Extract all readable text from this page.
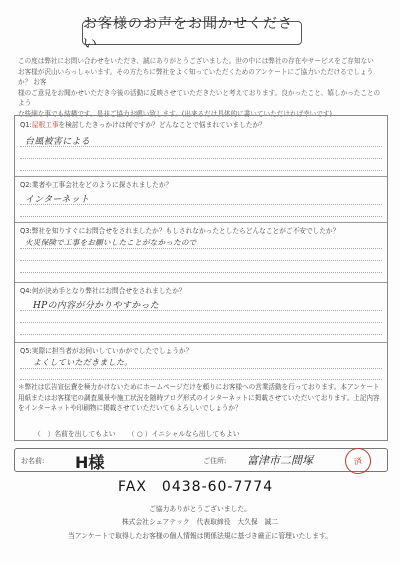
お客様のお声をお聞かせください
この度は弊社にお問い合わせをいただき、誠にありがとうございました。世の中には弊社の存在やサービスをご存知ない
お客様が沢山いらっしゃいます。その方たちに弊社をよく知っていただくためのアンケートにご協力いただけるでしょうか？ お客
様のご意見をお聞かせいただき今後の活動に反映させていただきたいと考えております。良かったこと、嬉しかったことのよう
な些細な事でも結構です。是非ご協力お願い致します。(出来るだけ具体的に書いていただければ幸いです)
Q1:屋根工事を検討したきっかけは何ですか？どんなことで悩まれていましたか？
台風被害による
Q2:業者や工事会社をどのように探されましたか？
インターネット
Q3:弊社を知りすぐにお問合せをされましたか？もしされなかったとしたらどんなことがご不安でしたか？
火災保険で工事をお願いしたことがなかったので
Q4:何が決め手となり弊社にお問合せをされましたか？
HPの内容が分かりやすかった
Q5:実際に担当者がお伺いしていかがでしたでしょうか？
よくしていただきました。
＊弊社は広告宣伝費を極力かけないためにホームページだけを頼りにお客様への営業活動を行っております。本アンケート
用紙またはお客様宅の調査風景や施工状況を随時ブログ形式のインターネットに掲載させていただいております。上記内容
をインターネットや印刷物に掲載させていただいてもよろしいでしょうか？
（　）名前を出してもよい （ ○ ）イニシャルなら出してもよい
お名前: H様	ご住所: 富津市二間塚	済
FAX　0438-60-7774
ご協力ありがとうございました。
株式会社シェアテック　代表取締役　大久保　誠二
当アンケートで取得したお客様の個人情報は関係法規に基づき厳正に管理いたします。
